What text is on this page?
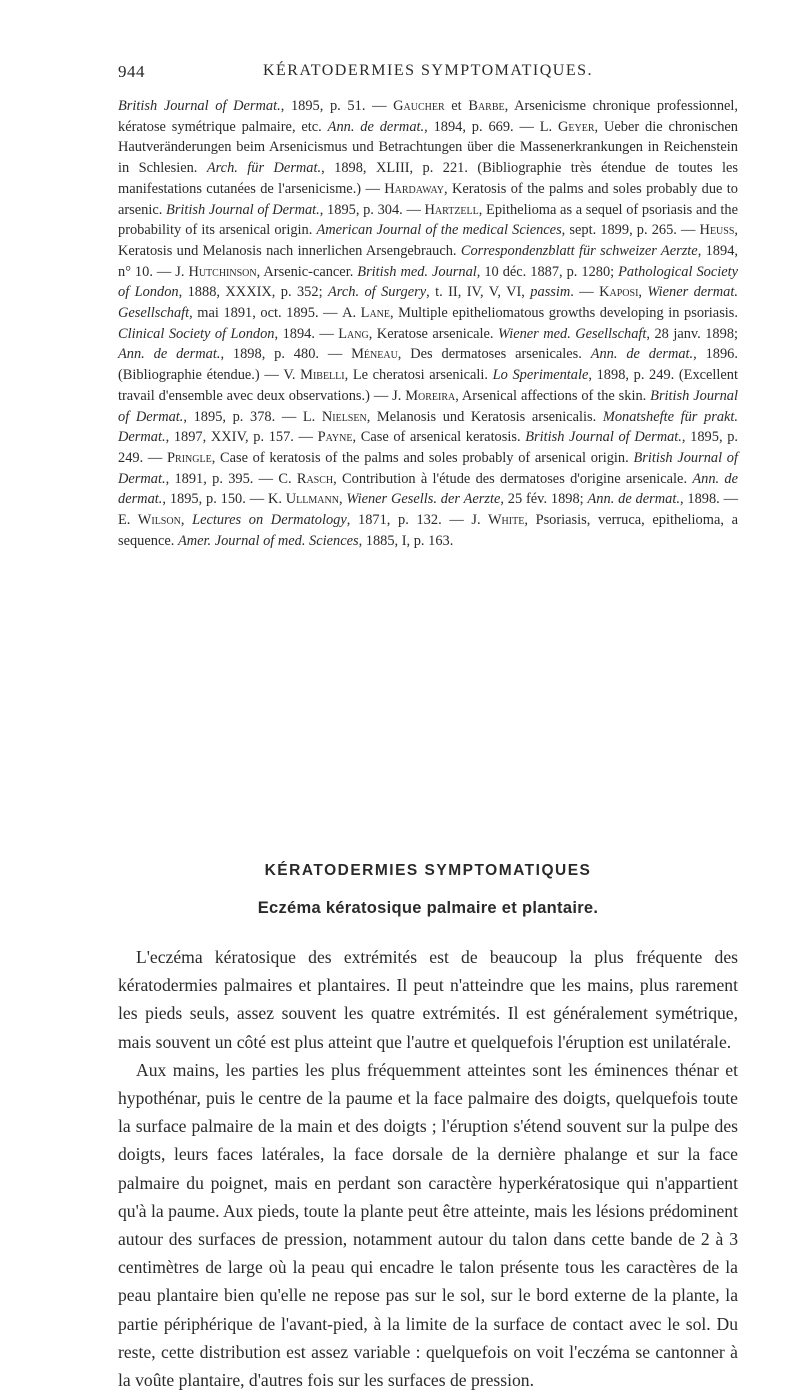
944	KÉRATODERMIES SYMPTOMATIQUES.

British Journal of Dermat., 1895, p. 51. — Gaucher et Barbe, Arsenicisme chronique professionnel, kératose symétrique palmaire, etc. Ann. de dermat., 1894, p. 669. — L. Geyer, Ueber die chronischen Hautveränderungen beim Arsenicismus und Betrachtungen über die Massenerkrankungen in Reichenstein in Schlesien. Arch. für Dermat., 1898, XLIII, p. 221. (Bibliographie très étendue de toutes les manifestations cutanées de l'arsenicisme.) — Hardaway, Keratosis of the palms and soles probably due to arsenic. British Journal of Dermat., 1895, p. 304. — Hartzell, Epithelioma as a sequel of psoriasis and the probability of its arsenical origin. American Journal of the medical Sciences, sept. 1899, p. 265. — Heuss, Keratosis und Melanosis nach innerlichen Arsengebrauch. Correspondenzblatt für schweizer Aerzte, 1894, n° 10. — J. Hutchinson, Arsenic-cancer. British med. Journal, 10 déc. 1887, p. 1280; Pathological Society of London, 1888, XXXIX, p. 352; Arch. of Surgery, t. II, IV, V, VI, passim. — Kaposi, Wiener dermat. Gesellschaft, mai 1891, oct. 1895. — A. Lane, Multiple epitheliomatous growths developing in psoriasis. Clinical Society of London, 1894. — Lang, Keratose arsenicale. Wiener med. Gesellschaft, 28 janv. 1898; Ann. de dermat., 1898, p. 480. — Méneau, Des dermatoses arsenicales. Ann. de dermat., 1896. (Bibliographie étendue.) — V. Mibelli, Le cheratosi arsenicali. Lo Sperimentale, 1898, p. 249. (Excellent travail d'ensemble avec deux observations.) — J. Moreira, Arsenical affections of the skin. British Journal of Dermat., 1895, p. 378. — L. Nielsen, Melanosis und Keratosis arsenicalis. Monatshefte für prakt. Dermat., 1897, XXIV, p. 157. — Payne, Case of arsenical keratosis. British Journal of Dermat., 1895, p. 249. — Pringle, Case of keratosis of the palms and soles probably of arsenical origin. British Journal of Dermat., 1891, p. 395. — C. Rasch, Contribution à l'étude des dermatoses d'origine arsenicale. Ann. de dermat., 1895, p. 150. — K. Ullmann, Wiener Gesells. der Aerzte, 25 fév. 1898; Ann. de dermat., 1898. — E. Wilson, Lectures on Dermatology, 1871, p. 132. — J. White, Psoriasis, verruca, epithelioma, a sequence. Amer. Journal of med. Sciences, 1885, I, p. 163.

KÉRATODERMIES SYMPTOMATIQUES
Eczéma kératosique palmaire et plantaire.

L'eczéma kératosique des extrémités est de beaucoup la plus fréquente des kératodermies palmaires et plantaires. Il peut n'atteindre que les mains, plus rarement les pieds seuls, assez souvent les quatre extrémités. Il est généralement symétrique, mais souvent un côté est plus atteint que l'autre et quelquefois l'éruption est unilatérale.

Aux mains, les parties les plus fréquemment atteintes sont les éminences thénar et hypothénar, puis le centre de la paume et la face palmaire des doigts, quelquefois toute la surface palmaire de la main et des doigts ; l'éruption s'étend souvent sur la pulpe des doigts, leurs faces latérales, la face dorsale de la dernière phalange et sur la face palmaire du poignet, mais en perdant son caractère hyperkératosique qui n'appartient qu'à la paume. Aux pieds, toute la plante peut être atteinte, mais les lésions prédominent autour des surfaces de pression, notamment autour du talon dans cette bande de 2 à 3 centimètres de large où la peau qui encadre le talon présente tous les caractères de la peau plantaire bien qu'elle ne repose pas sur le sol, sur le bord externe de la plante, la partie périphérique de l'avant-pied, à la limite de la surface de contact avec le sol. Du reste, cette distribution est assez variable : quelquefois on voit l'eczéma se cantonner à la voûte plantaire, d'autres fois sur les surfaces de pression.
